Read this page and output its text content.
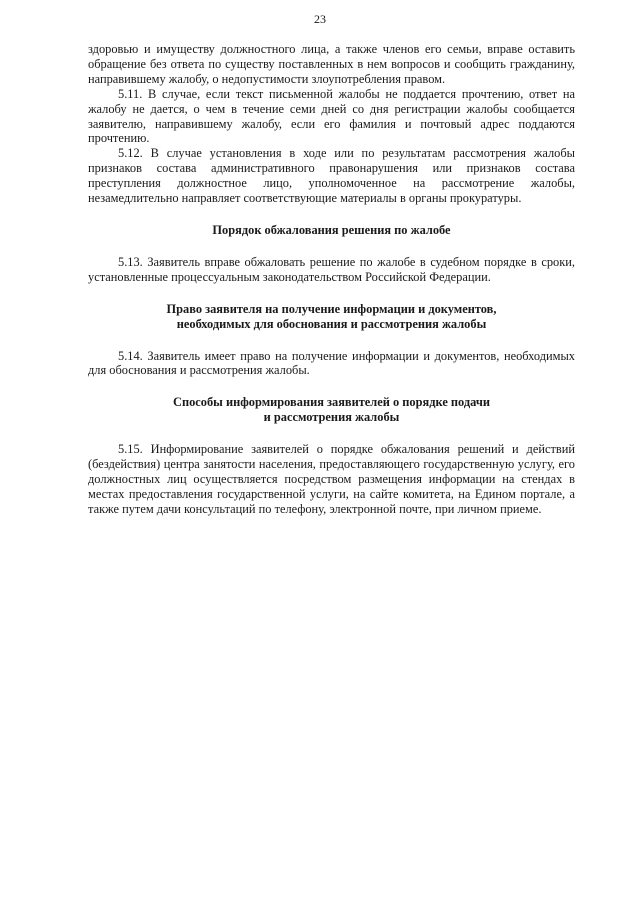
23

здоровью и имуществу должностного лица, а также членов его семьи, вправе оставить обращение без ответа по существу поставленных в нем вопросов и сообщить гражданину, направившему жалобу, о недопустимости злоупотребления правом.

5.11. В случае, если текст письменной жалобы не поддается прочтению, ответ на жалобу не дается, о чем в течение семи дней со дня регистрации жалобы сообщается заявителю, направившему жалобу, если его фамилия и почтовый адрес поддаются прочтению.

5.12. В случае установления в ходе или по результатам рассмотрения жалобы признаков состава административного правонарушения или признаков состава преступления должностное лицо, уполномоченное на рассмотрение жалобы, незамедлительно направляет соответствующие материалы в органы прокуратуры.

Порядок обжалования решения по жалобе

5.13. Заявитель вправе обжаловать решение по жалобе в судебном порядке в сроки, установленные процессуальным законодательством Российской Федерации.

Право заявителя на получение информации и документов,

необходимых для обоснования и рассмотрения жалобы

5.14. Заявитель имеет право на получение информации и документов, необходимых для обоснования и рассмотрения жалобы.

Способы информирования заявителей о порядке подачи

и рассмотрения жалобы

5.15. Информирование заявителей о порядке обжалования решений и действий (бездействия) центра занятости населения, предоставляющего государственную услугу, его должностных лиц осуществляется посредством размещения информации на стендах в местах предоставления государственной услуги, на сайте комитета, на Едином портале, а также путем дачи консультаций по телефону, электронной почте, при личном приеме.
